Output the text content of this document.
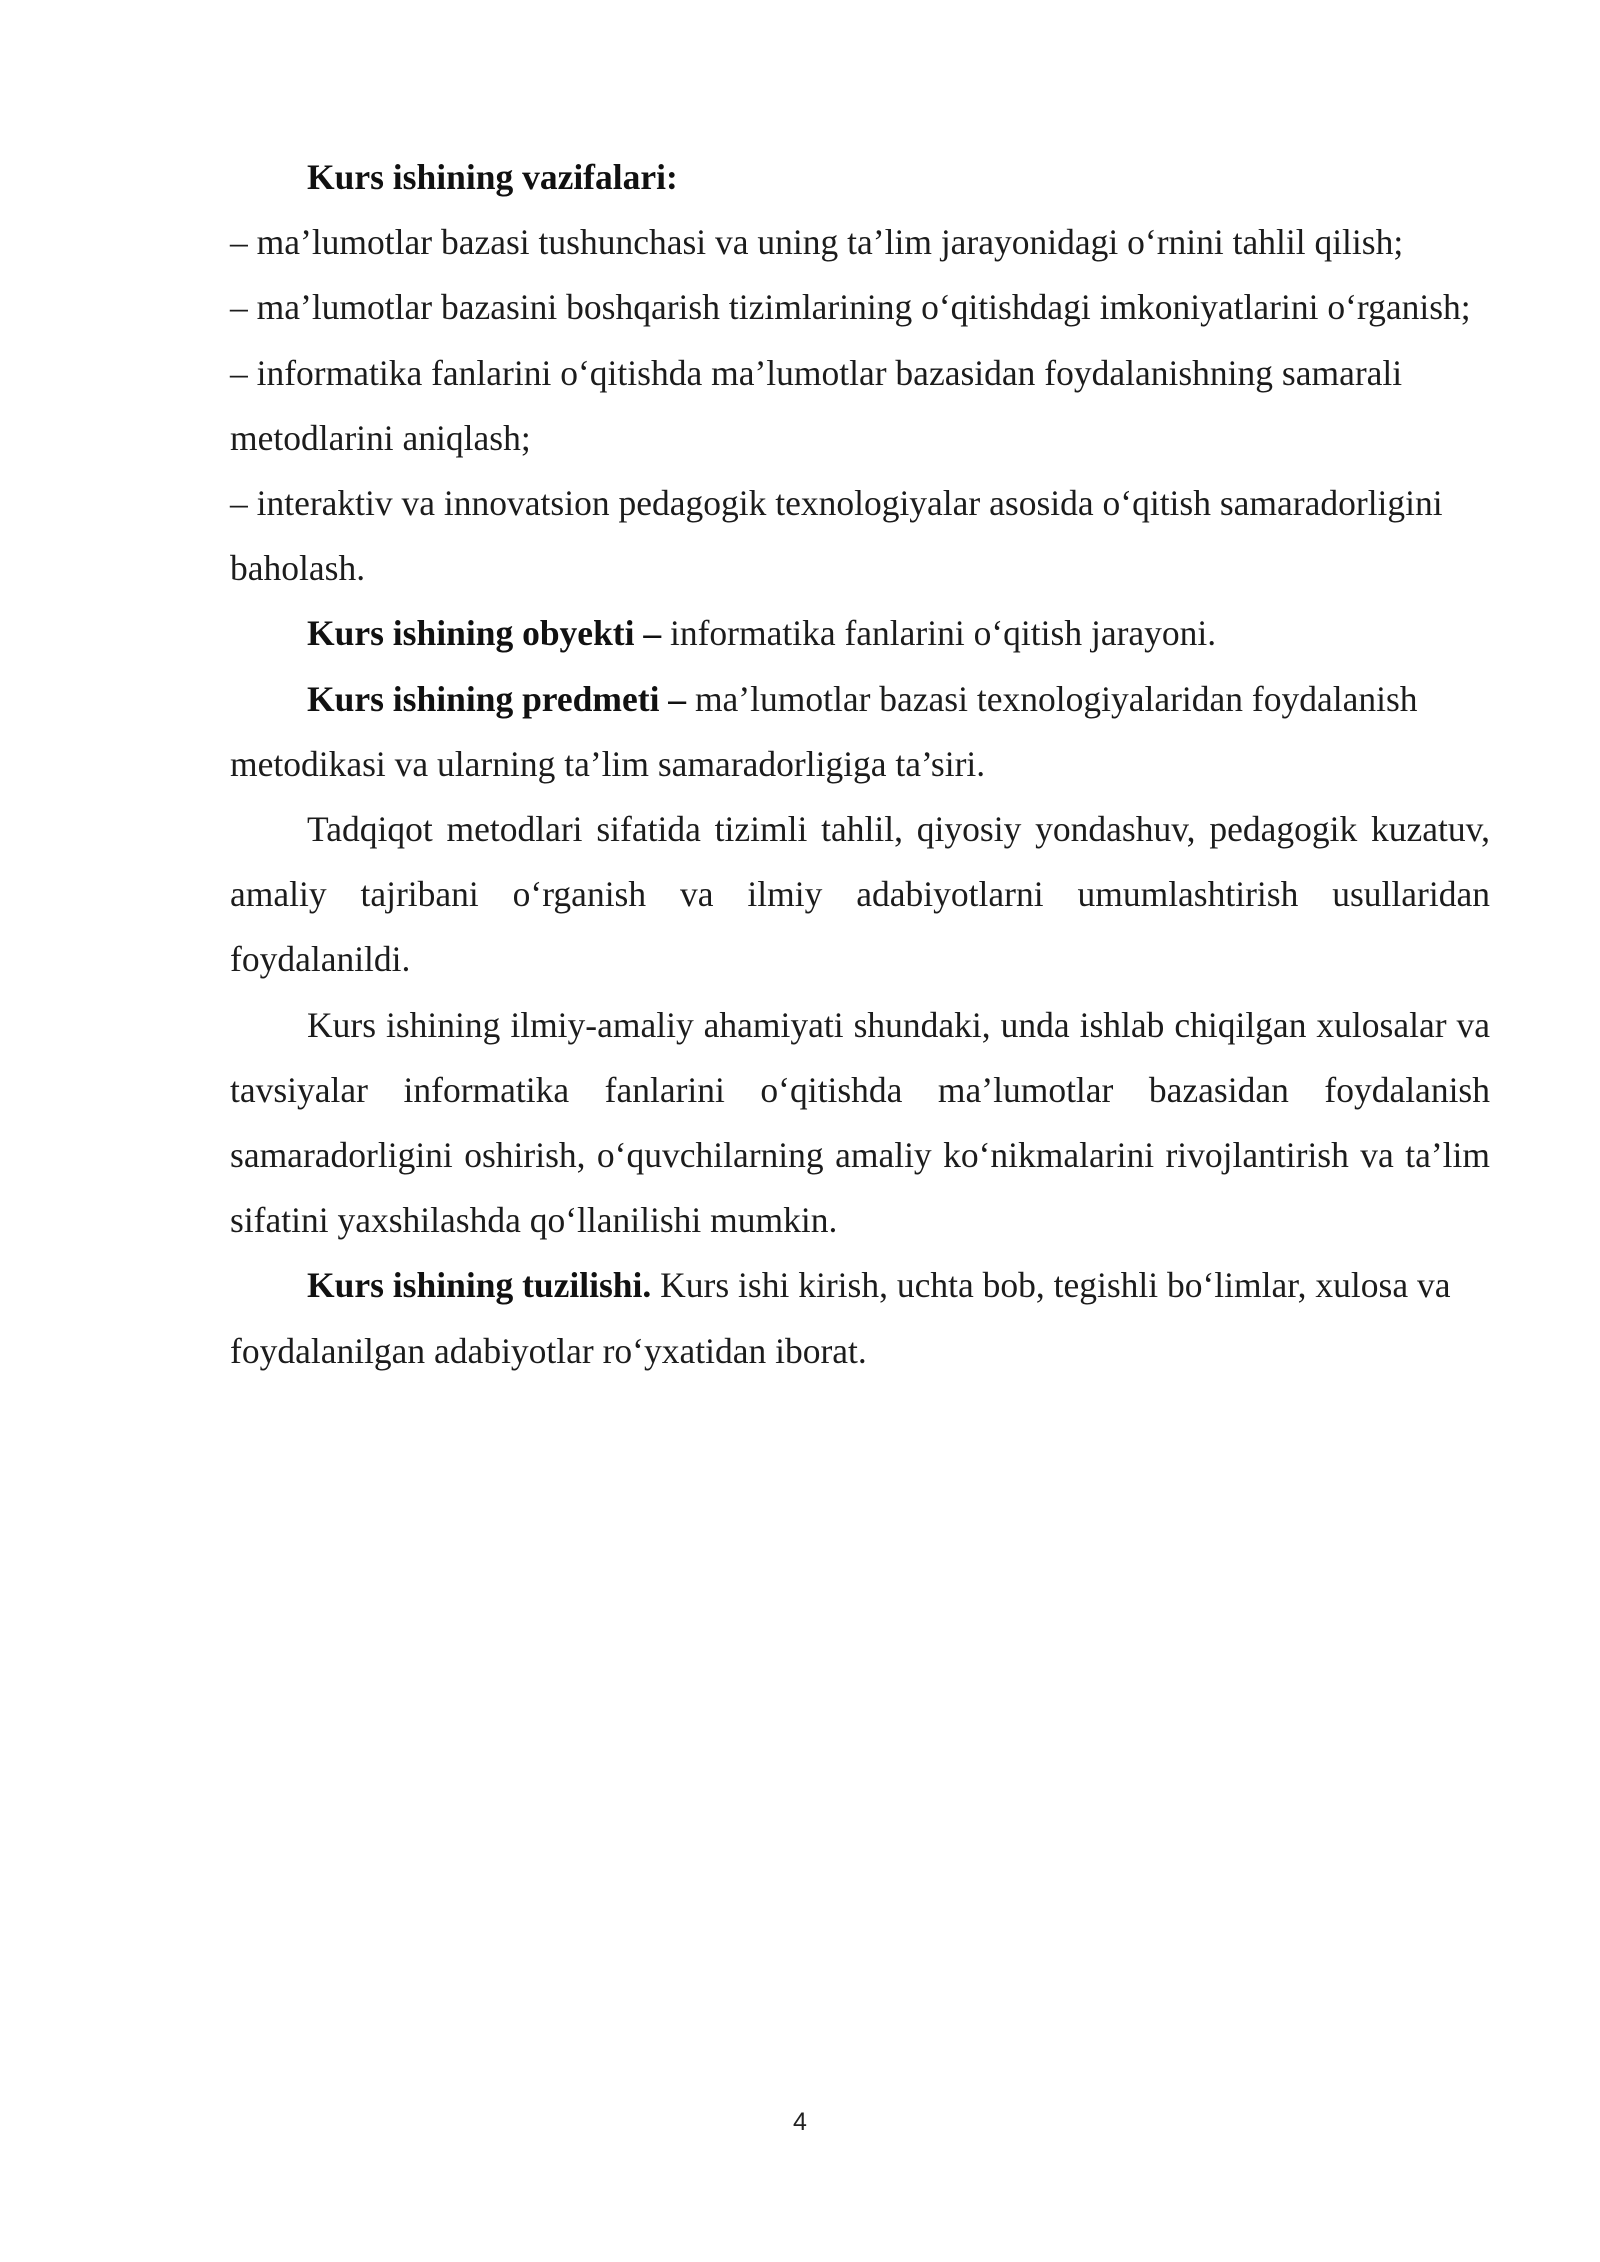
Kurs ishining vazifalari:

– ma’lumotlar bazasi tushunchasi va uning ta’lim jarayonidagi o‘rnini tahlil qilish;

– ma’lumotlar bazasini boshqarish tizimlarining o‘qitishdagi imkoniyatlarini o‘rganish;

– informatika fanlarini o‘qitishda ma’lumotlar bazasidan foydalanishning samarali metodlarini aniqlash;

– interaktiv va innovatsion pedagogik texnologiyalar asosida o‘qitish samaradorligini baholash.

Kurs ishining obyekti – informatika fanlarini o‘qitish jarayoni.

Kurs ishining predmeti – ma’lumotlar bazasi texnologiyalaridan foydalanish metodikasi va ularning ta’lim samaradorligiga ta’siri.

Tadqiqot metodlari sifatida tizimli tahlil, qiyosiy yondashuv, pedagogik kuzatuv, amaliy tajribani o‘rganish va ilmiy adabiyotlarni umumlashtirish usullaridan foydalanildi.

Kurs ishining ilmiy-amaliy ahamiyati shundaki, unda ishlab chiqilgan xulosalar va tavsiyalar informatika fanlarini o‘qitishda ma’lumotlar bazasidan foydalanish samaradorligini oshirish, o‘quvchilarning amaliy ko‘nikmalarini rivojlantirish va ta’lim sifatini yaxshilashda qo‘llanilishi mumkin.

Kurs ishining tuzilishi. Kurs ishi kirish, uchta bob, tegishli bo‘limlar, xulosa va foydalanilgan adabiyotlar ro‘yxatidan iborat.

4
